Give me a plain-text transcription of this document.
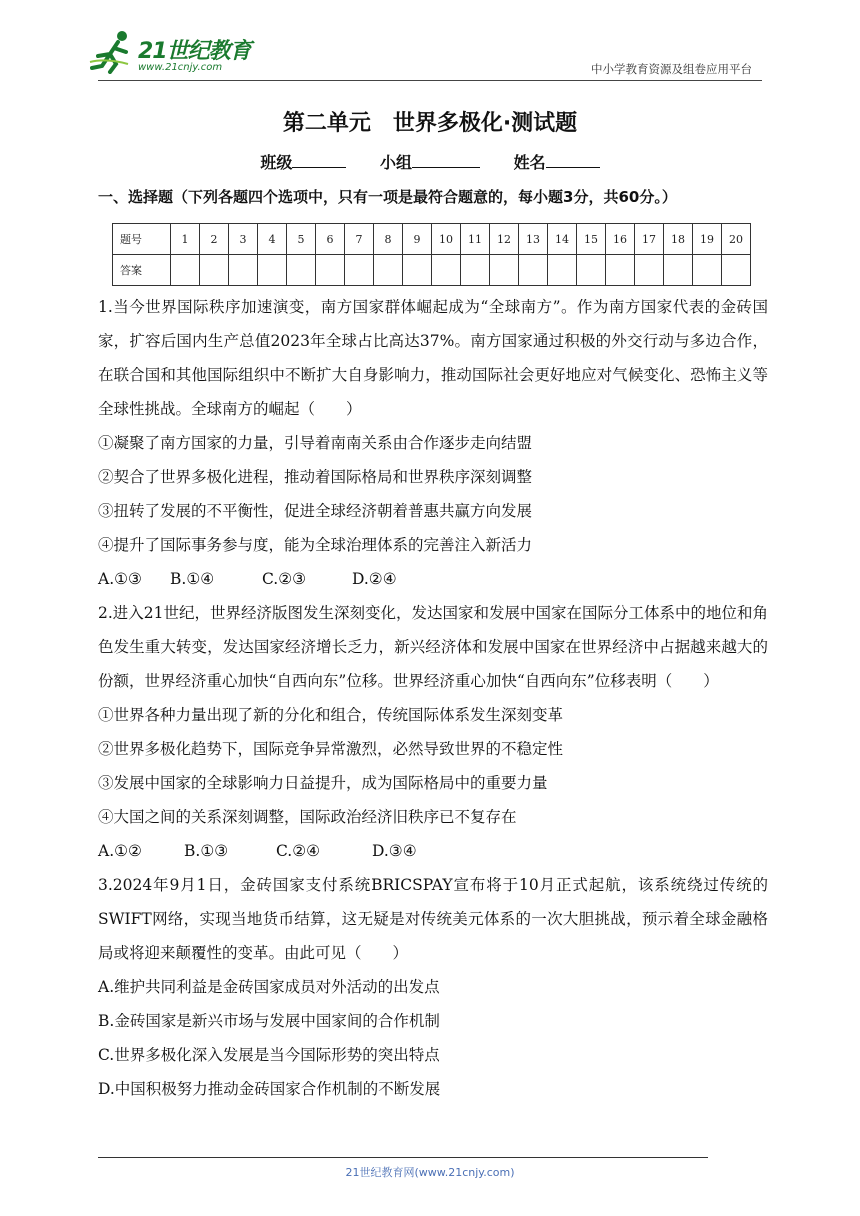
21世纪教育
www.21cnjy.com	中小学教育资源及组卷应用平台
第二单元　世界多极化·测试题
班级	小组	姓名
一、选择题（下列各题四个选项中，只有一项是最符合题意的，每小题3分，共60分。）
题号	1	2	3	4	5	6	7	8	9	10	11	12	13	14	15	16	17	18	19	20
答案																				

1.当今世界国际秩序加速演变，南方国家群体崛起成为“全球南方”。作为南方国家代表的金砖国家，扩容后国内生产总值2023年全球占比高达37%。南方国家通过积极的外交行动与多边合作，在联合国和其他国际组织中不断扩大自身影响力，推动国际社会更好地应对气候变化、恐怖主义等全球性挑战。全球南方的崛起（　　）

①凝聚了南方国家的力量，引导着南南关系由合作逐步走向结盟

②契合了世界多极化进程，推动着国际格局和世界秩序深刻调整

③扭转了发展的不平衡性，促进全球经济朝着普惠共赢方向发展

④提升了国际事务参与度，能为全球治理体系的完善注入新活力

A.①③ B.①④	C.②③	D.②④

2.进入21世纪，世界经济版图发生深刻变化，发达国家和发展中国家在国际分工体系中的地位和角色发生重大转变，发达国家经济增长乏力，新兴经济体和发展中国家在世界经济中占据越来越大的份额，世界经济重心加快“自西向东”位移。世界经济重心加快“自西向东”位移表明（　　）

①世界各种力量出现了新的分化和组合，传统国际体系发生深刻变革

②世界多极化趋势下，国际竞争异常激烈，必然导致世界的不稳定性

③发展中国家的全球影响力日益提升，成为国际格局中的重要力量

④大国之间的关系深刻调整，国际政治经济旧秩序已不复存在

A.①②	B.①③	C.②④	D.③④

3.2024年9月1日，金砖国家支付系统BRICSPAY宣布将于10月正式起航，该系统绕过传统的SWIFT网络，实现当地货币结算，这无疑是对传统美元体系的一次大胆挑战，预示着全球金融格局或将迎来颠覆性的变革。由此可见（　　）

A.维护共同利益是金砖国家成员对外活动的出发点

B.金砖国家是新兴市场与发展中国家间的合作机制

C.世界多极化深入发展是当今国际形势的突出特点

D.中国积极努力推动金砖国家合作机制的不断发展

21世纪教育网(www.21cnjy.com)
